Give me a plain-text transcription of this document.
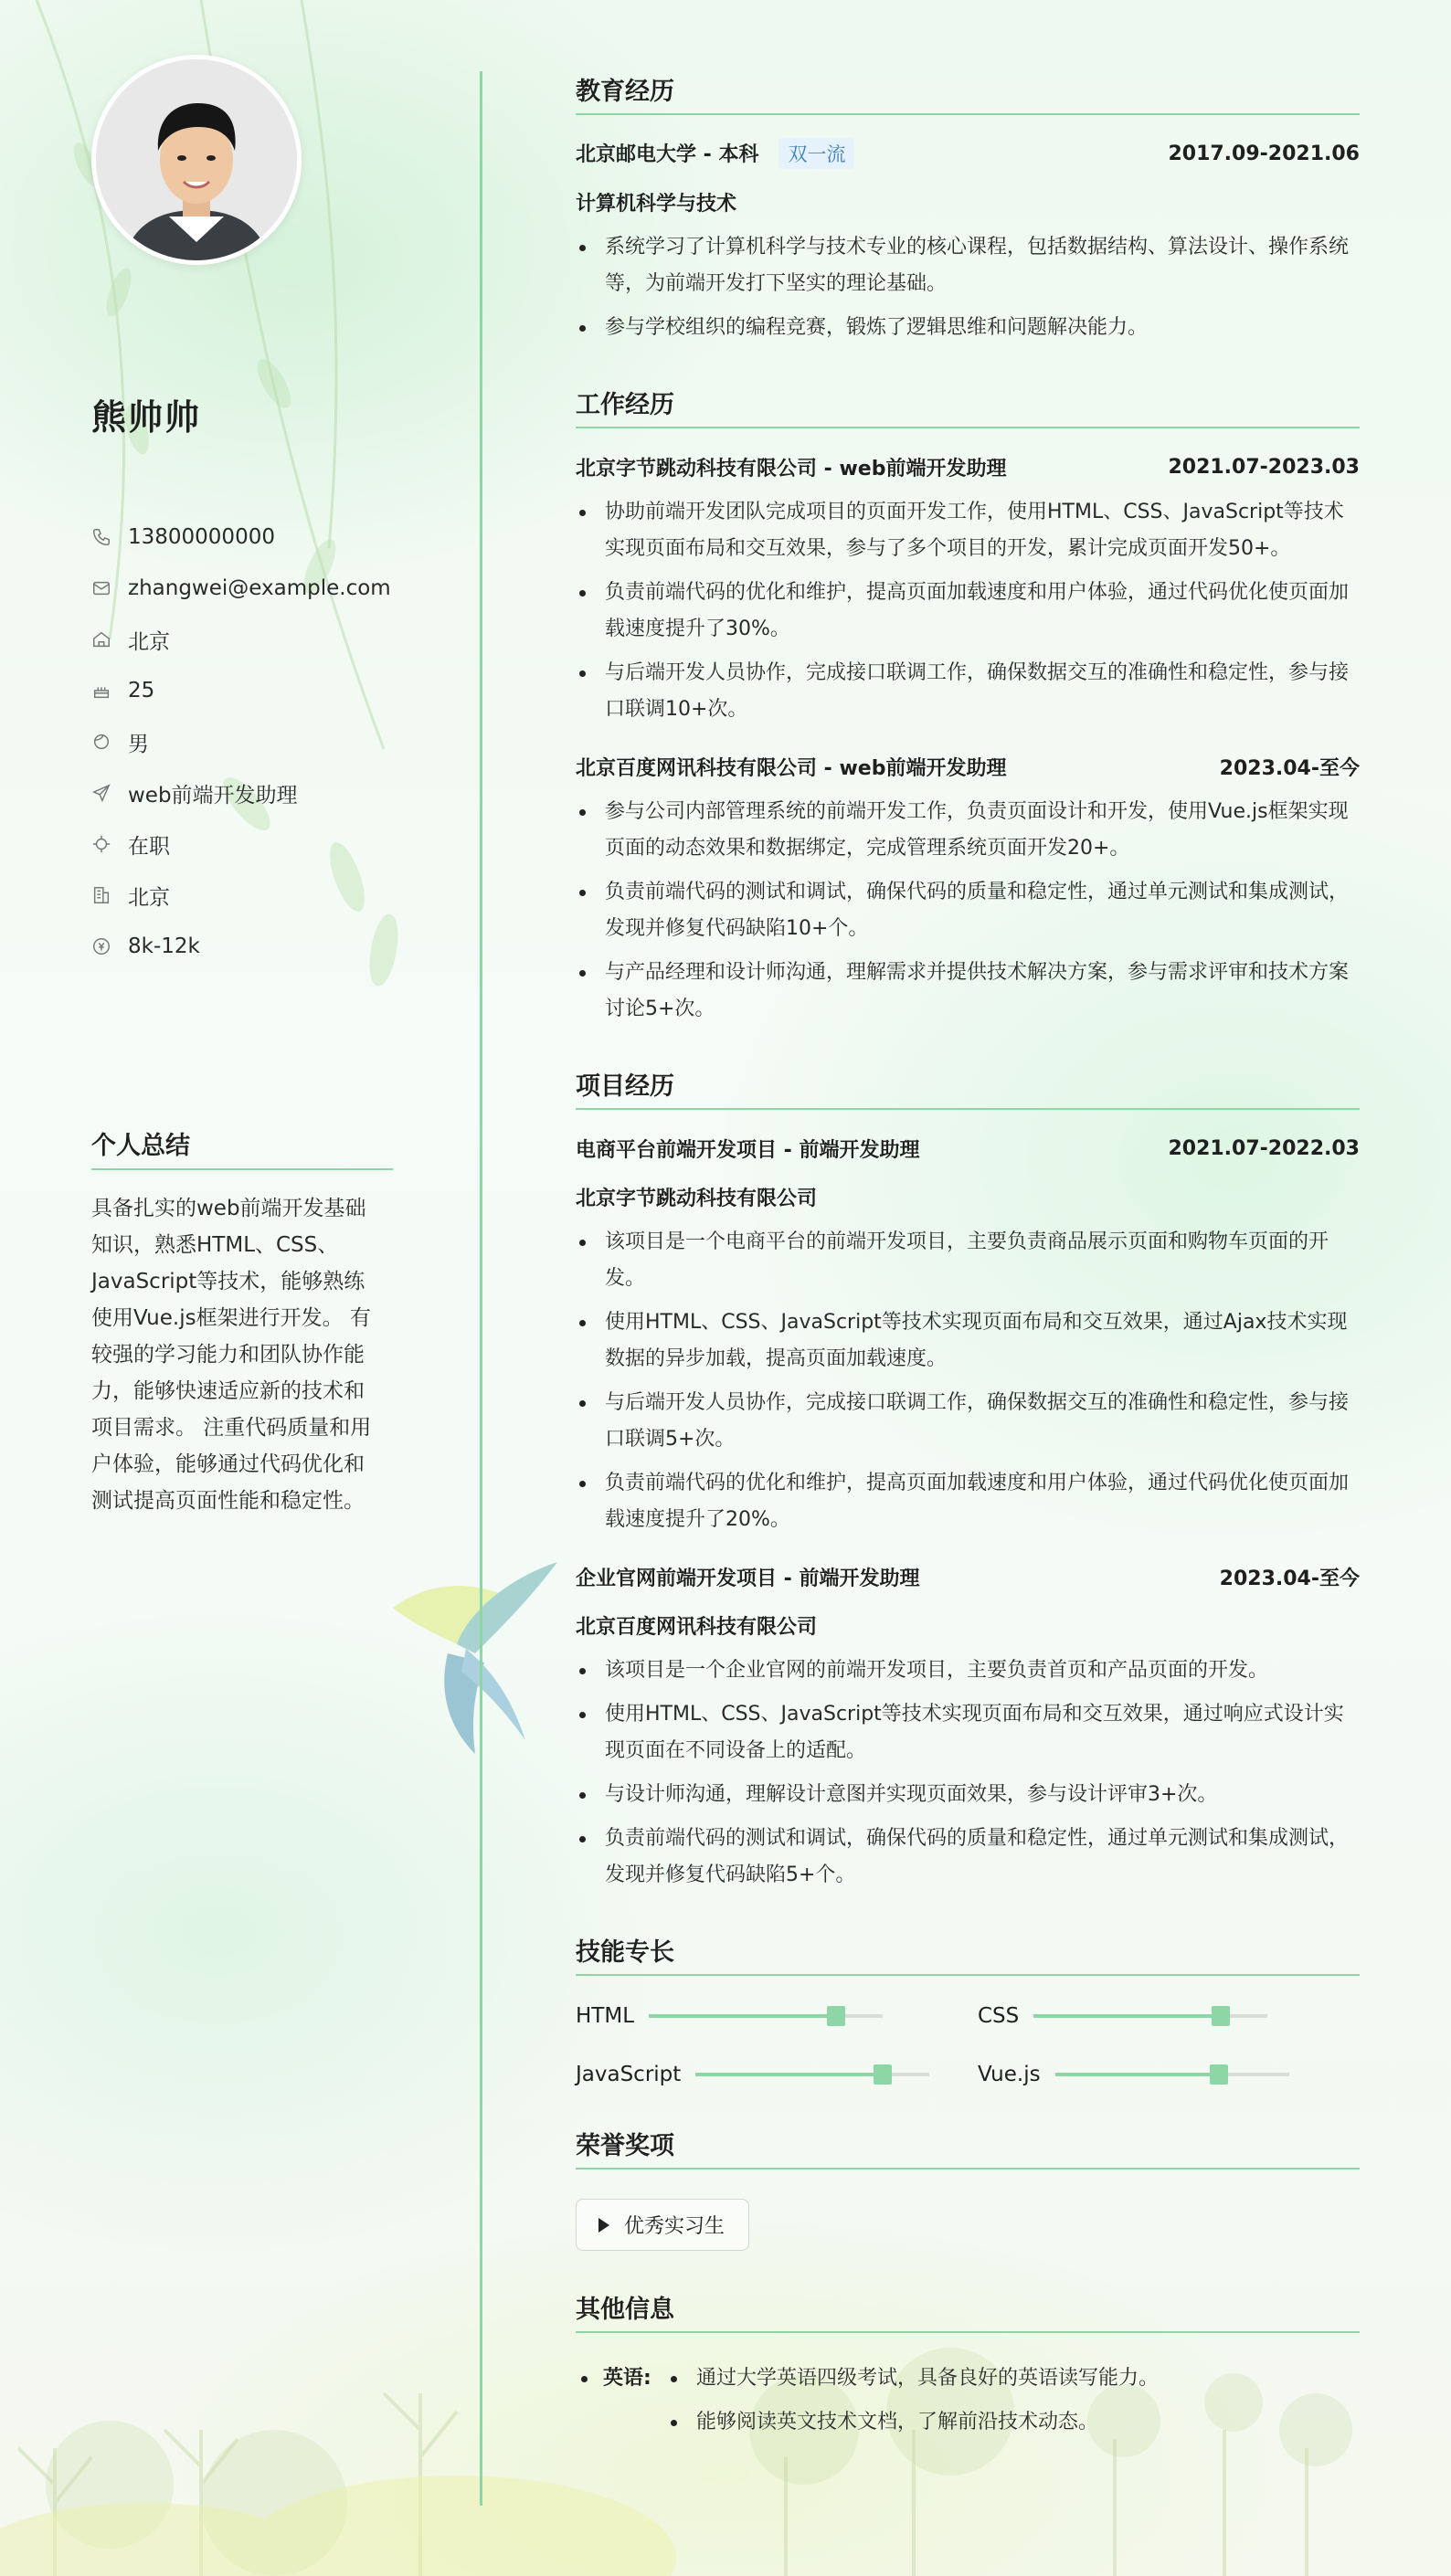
熊帅帅
13800000000
zhangwei@example.com
北京
25
男
web前端开发助理
在职
北京
8k-12k
个人总结
具备扎实的web前端开发基础知识，熟悉HTML、CSS、JavaScript等技术，能够熟练使用Vue.js框架进行开发。 有较强的学习能力和团队协作能力，能够快速适应新的技术和项目需求。 注重代码质量和用户体验，能够通过代码优化和测试提高页面性能和稳定性。
教育经历
北京邮电大学 - 本科 双一流	2017.09-2021.06
计算机科学与技术
系统学习了计算机科学与技术专业的核心课程，包括数据结构、算法设计、操作系统等，为前端开发打下坚实的理论基础。
参与学校组织的编程竞赛，锻炼了逻辑思维和问题解决能力。
工作经历
北京字节跳动科技有限公司 - web前端开发助理	2021.07-2023.03
协助前端开发团队完成项目的页面开发工作，使用HTML、CSS、JavaScript等技术实现页面布局和交互效果，参与了多个项目的开发，累计完成页面开发50+。
负责前端代码的优化和维护，提高页面加载速度和用户体验，通过代码优化使页面加载速度提升了30%。
与后端开发人员协作，完成接口联调工作，确保数据交互的准确性和稳定性，参与接口联调10+次。
北京百度网讯科技有限公司 - web前端开发助理	2023.04-至今
参与公司内部管理系统的前端开发工作，负责页面设计和开发，使用Vue.js框架实现页面的动态效果和数据绑定，完成管理系统页面开发20+。
负责前端代码的测试和调试，确保代码的质量和稳定性，通过单元测试和集成测试，发现并修复代码缺陷10+个。
与产品经理和设计师沟通，理解需求并提供技术解决方案，参与需求评审和技术方案讨论5+次。
项目经历
电商平台前端开发项目 - 前端开发助理	2021.07-2022.03
北京字节跳动科技有限公司
该项目是一个电商平台的前端开发项目，主要负责商品展示页面和购物车页面的开发。
使用HTML、CSS、JavaScript等技术实现页面布局和交互效果，通过Ajax技术实现数据的异步加载，提高页面加载速度。
与后端开发人员协作，完成接口联调工作，确保数据交互的准确性和稳定性，参与接口联调5+次。
负责前端代码的优化和维护，提高页面加载速度和用户体验，通过代码优化使页面加载速度提升了20%。
企业官网前端开发项目 - 前端开发助理	2023.04-至今
北京百度网讯科技有限公司
该项目是一个企业官网的前端开发项目，主要负责首页和产品页面的开发。
使用HTML、CSS、JavaScript等技术实现页面布局和交互效果，通过响应式设计实现页面在不同设备上的适配。
与设计师沟通，理解设计意图并实现页面效果，参与设计评审3+次。
负责前端代码的测试和调试，确保代码的质量和稳定性，通过单元测试和集成测试，发现并修复代码缺陷5+个。
技能专长
HTML	CSS
JavaScript	Vue.js
荣誉奖项
优秀实习生
其他信息
英语:	通过大学英语四级考试，具备良好的英语读写能力。
能够阅读英文技术文档，了解前沿技术动态。
